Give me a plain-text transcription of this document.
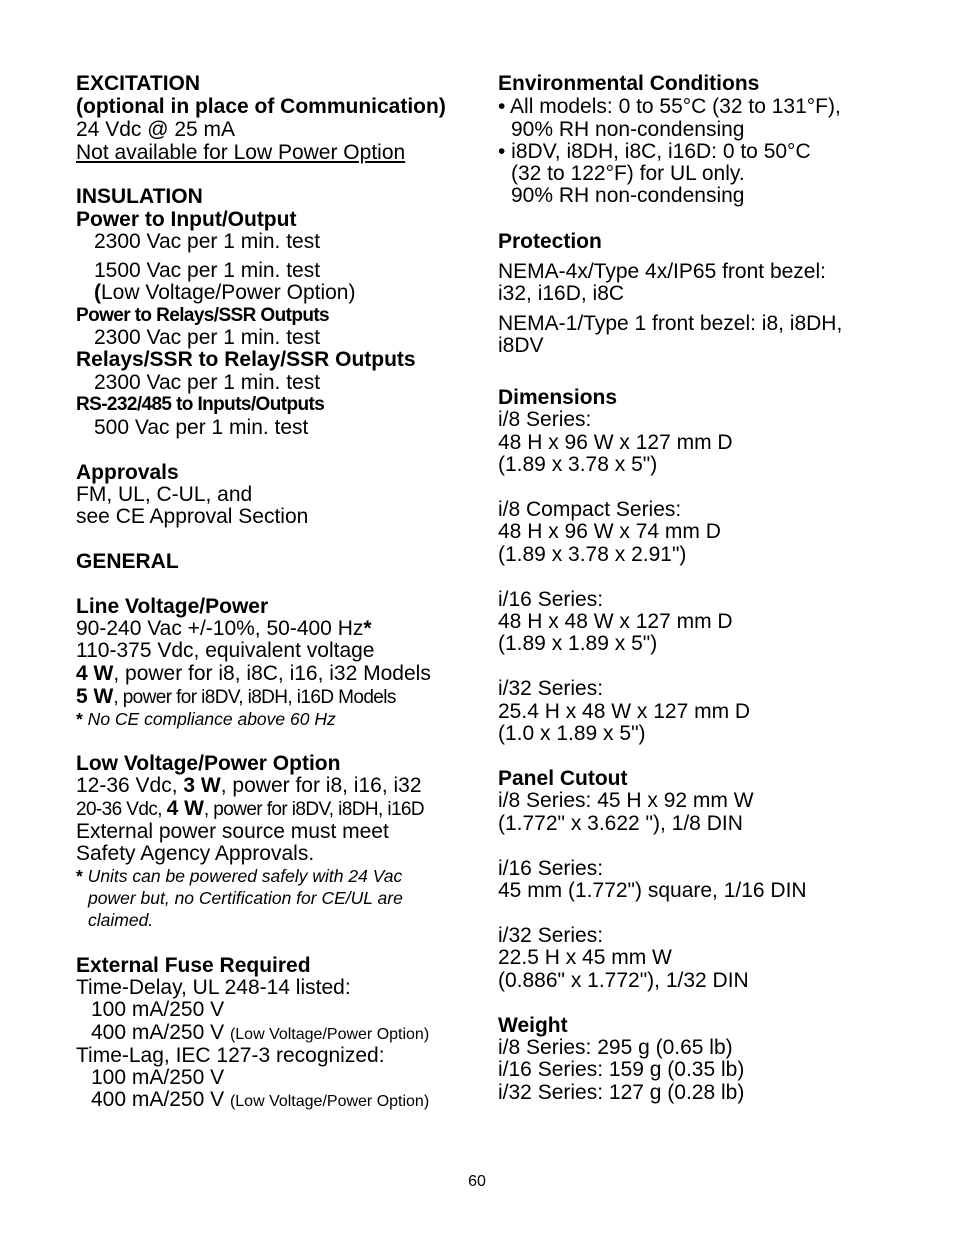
EXCITATION
(optional in place of Communication)
24 Vdc @ 25 mA
Not available for Low Power Option
INSULATION
Power to Input/Output
2300 Vac per 1 min. test
1500 Vac per 1 min. test
(Low Voltage/Power Option)
Power to Relays/SSR Outputs
2300 Vac per 1 min. test
Relays/SSR to Relay/SSR Outputs
2300 Vac per 1 min. test
RS-232/485 to Inputs/Outputs
500 Vac per 1 min. test
Approvals
FM, UL, C-UL, and
see CE Approval Section
GENERAL
Line Voltage/Power
90-240 Vac +/-10%, 50-400 Hz*
110-375 Vdc, equivalent voltage
4 W, power for i8, i8C, i16, i32 Models
5 W, power for i8DV, i8DH, i16D Models
* No CE compliance above 60 Hz
Low Voltage/Power Option
12-36 Vdc, 3 W, power for i8, i16, i32
20-36 Vdc, 4 W, power for i8DV, i8DH, i16D
External power source must meet
Safety Agency Approvals.
* Units can be powered safely with 24 Vac
power but, no Certification for CE/UL are
claimed.
External Fuse Required
Time-Delay, UL 248-14 listed:
100 mA/250 V
400 mA/250 V (Low Voltage/Power Option)
Time-Lag, IEC 127-3 recognized:
100 mA/250 V
400 mA/250 V (Low Voltage/Power Option)
Environmental Conditions
• All models: 0 to 55°C (32 to 131°F),
90% RH non-condensing
• i8DV, i8DH, i8C, i16D: 0 to 50°C
(32 to 122°F) for UL only.
90% RH non-condensing
Protection
NEMA-4x/Type 4x/IP65 front bezel:
i32, i16D, i8C
NEMA-1/Type 1 front bezel: i8, i8DH,
i8DV
Dimensions
i/8 Series:
48 H x 96 W x 127 mm D
(1.89 x 3.78 x 5")
i/8 Compact Series:
48 H x 96 W x 74 mm D
(1.89 x 3.78 x 2.91")
i/16 Series:
48 H x 48 W x 127 mm D
(1.89 x 1.89 x 5")
i/32 Series:
25.4 H x 48 W x 127 mm D
(1.0 x 1.89 x 5")
Panel Cutout
i/8 Series: 45 H x 92 mm W
(1.772" x 3.622 "), 1/8 DIN
i/16 Series:
45 mm (1.772") square, 1/16 DIN
i/32 Series:
22.5 H x 45 mm W
(0.886" x 1.772"), 1/32 DIN
Weight
i/8 Series: 295 g (0.65 lb)
i/16 Series: 159 g (0.35 lb)
i/32 Series: 127 g (0.28 lb)
60
